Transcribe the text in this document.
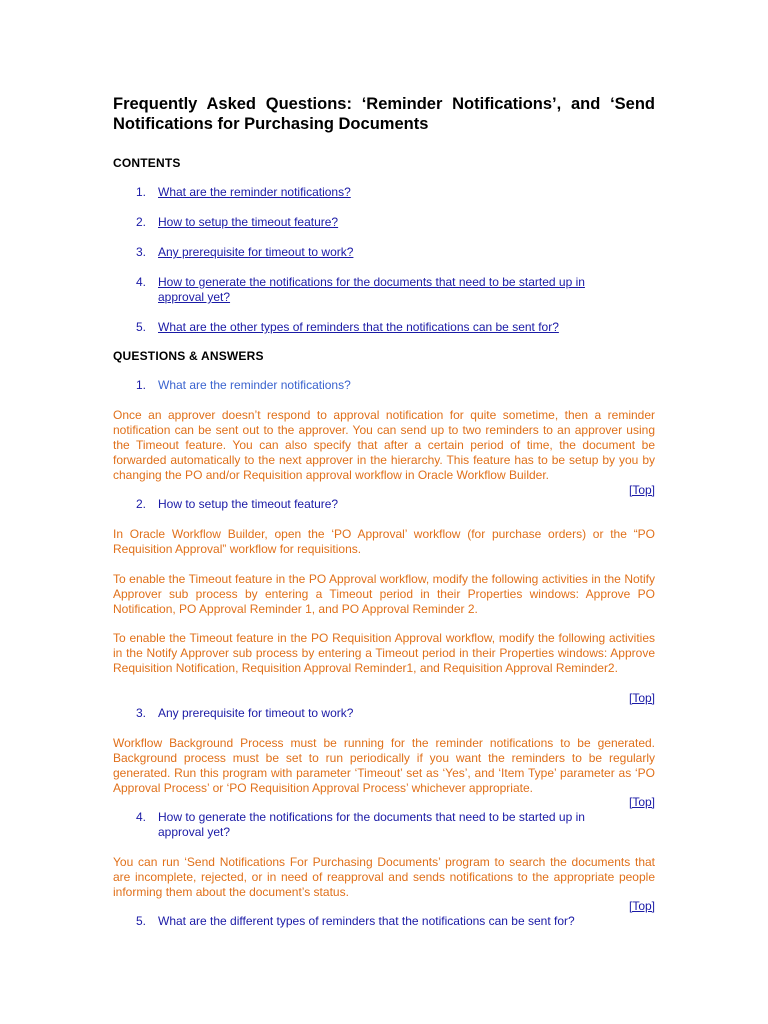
Frequently Asked Questions: ‘Reminder Notifications’, and ‘Send Notifications for Purchasing Documents
CONTENTS
1. What are the reminder notifications?
2. How to setup the timeout feature?
3. Any prerequisite for timeout to work?
4. How to generate the notifications for the documents that need to be started up in approval yet?
5. What are the other types of reminders that the notifications can be sent for?
QUESTIONS & ANSWERS
1. What are the reminder notifications?
Once an approver doesn’t respond to approval notification for quite sometime, then a reminder notification can be sent out to the approver. You can send up to two reminders to an approver using the Timeout feature. You can also specify that after a certain period of time, the document be forwarded automatically to the next approver in the hierarchy. This feature has to be setup by you by changing the PO and/or Requisition approval workflow in Oracle Workflow Builder.
[Top]
2. How to setup the timeout feature?
In Oracle Workflow Builder, open the ‘PO Approval’ workflow (for purchase orders) or the “PO Requisition Approval” workflow for requisitions.
To enable the Timeout feature in the PO Approval workflow, modify the following activities in the Notify Approver sub process by entering a Timeout period in their Properties windows: Approve PO Notification, PO Approval Reminder 1, and PO Approval Reminder 2.
To enable the Timeout feature in the PO Requisition Approval workflow, modify the following activities in the Notify Approver sub process by entering a Timeout period in their Properties windows: Approve Requisition Notification, Requisition Approval Reminder1, and Requisition Approval Reminder2.
[Top]
3. Any prerequisite for timeout to work?
Workflow Background Process must be running for the reminder notifications to be generated. Background process must be set to run periodically if you want the reminders to be regularly generated. Run this program with parameter ‘Timeout’ set as ‘Yes’, and ‘Item Type’ parameter as ‘PO Approval Process’ or ‘PO Requisition Approval Process’ whichever appropriate.
[Top]
4. How to generate the notifications for the documents that need to be started up in approval yet?
You can run ‘Send Notifications For Purchasing Documents’ program to search the documents that are incomplete, rejected, or in need of reapproval and sends notifications to the appropriate people informing them about the document’s status.
[Top]
5. What are the different types of reminders that the notifications can be sent for?
